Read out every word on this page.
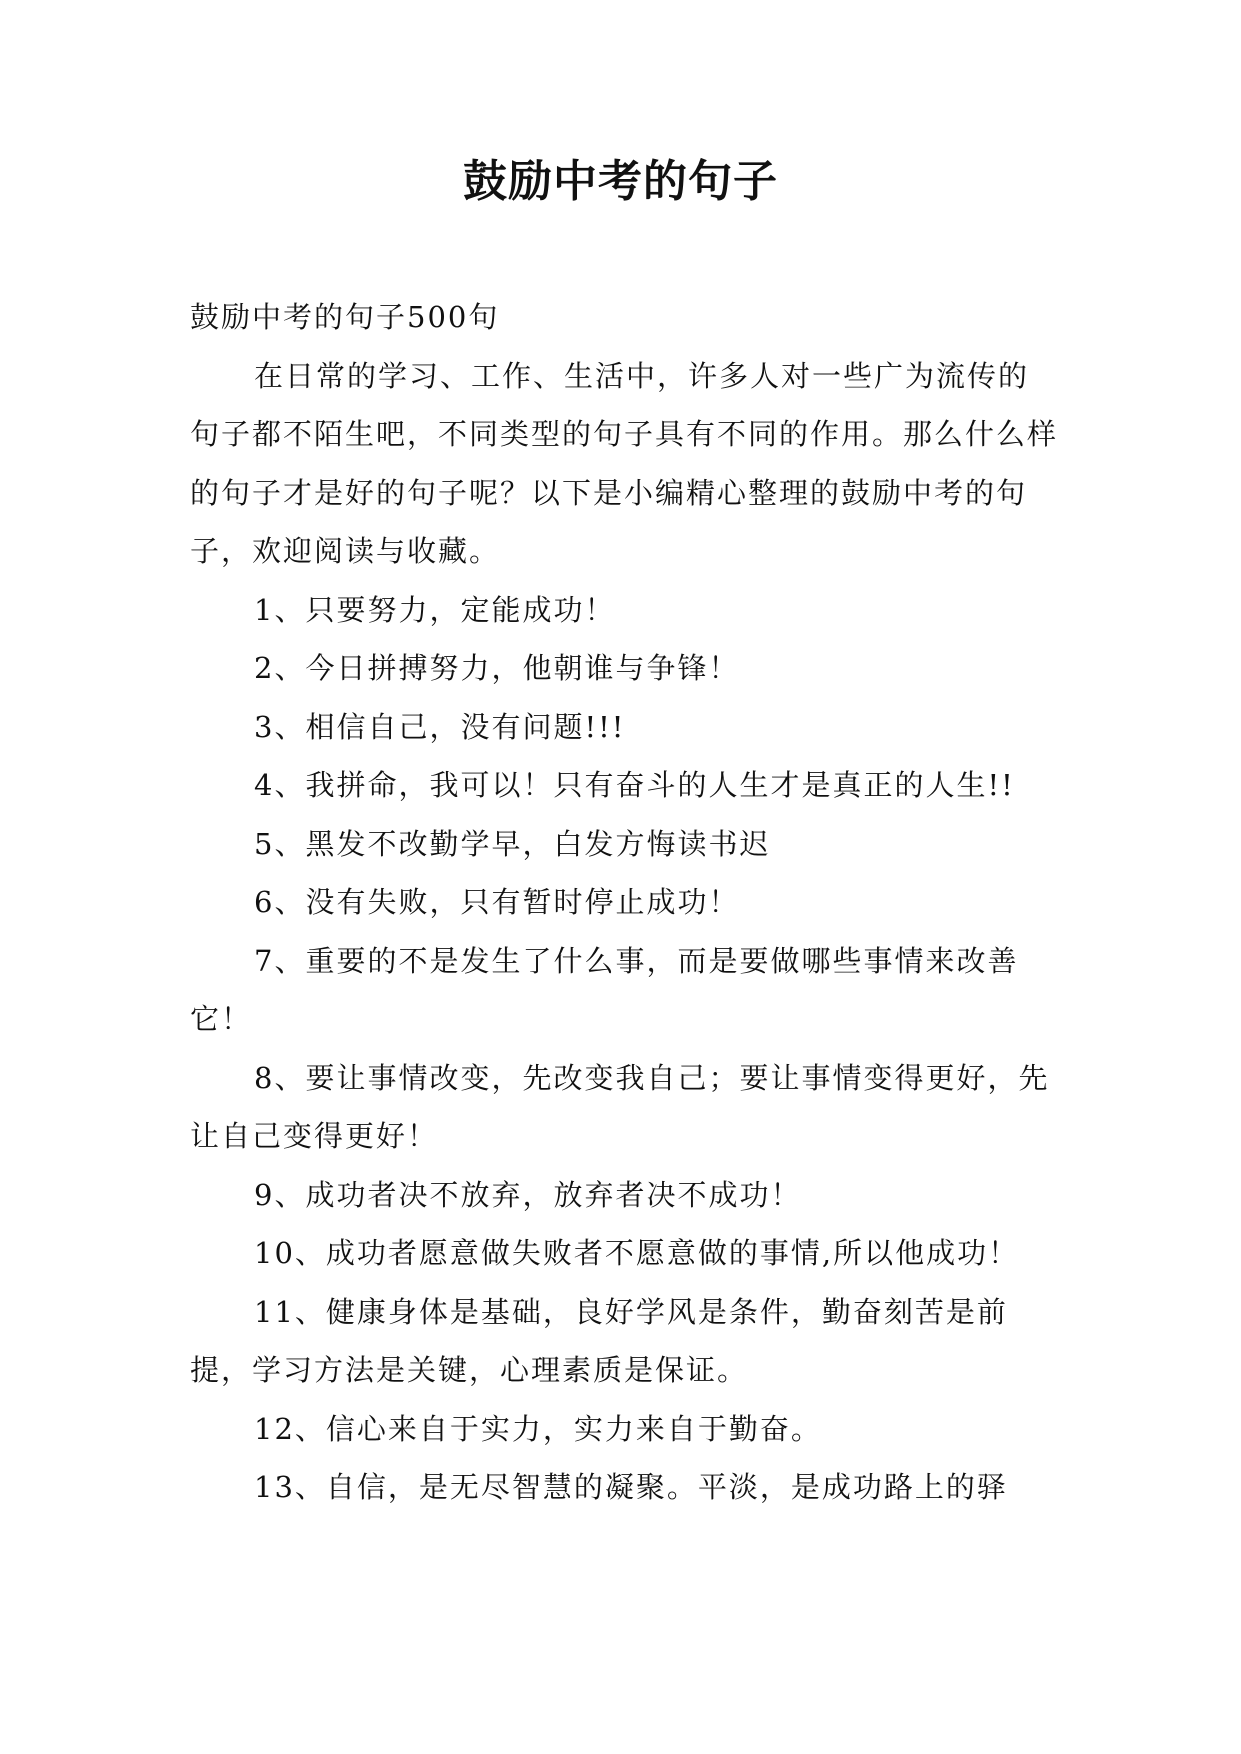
鼓励中考的句子

鼓励中考的句子500句

在日常的学习、工作、生活中，许多人对一些广为流传的句子都不陌生吧，不同类型的句子具有不同的作用。那么什么样的句子才是好的句子呢？以下是小编精心整理的鼓励中考的句子，欢迎阅读与收藏。

1、只要努力，定能成功！

2、今日拼搏努力，他朝谁与争锋！

3、相信自己，没有问题!!!

4、我拼命，我可以！只有奋斗的人生才是真正的人生!!

5、黑发不改勤学早，白发方悔读书迟

6、没有失败，只有暂时停止成功！

7、重要的不是发生了什么事，而是要做哪些事情来改善它！

8、要让事情改变，先改变我自己；要让事情变得更好，先让自己变得更好！

9、成功者决不放弃，放弃者决不成功！

10、成功者愿意做失败者不愿意做的事情,所以他成功！

11、健康身体是基础，良好学风是条件，勤奋刻苦是前提，学习方法是关键，心理素质是保证。

12、信心来自于实力，实力来自于勤奋。

13、自信，是无尽智慧的凝聚。平淡，是成功路上的驿
